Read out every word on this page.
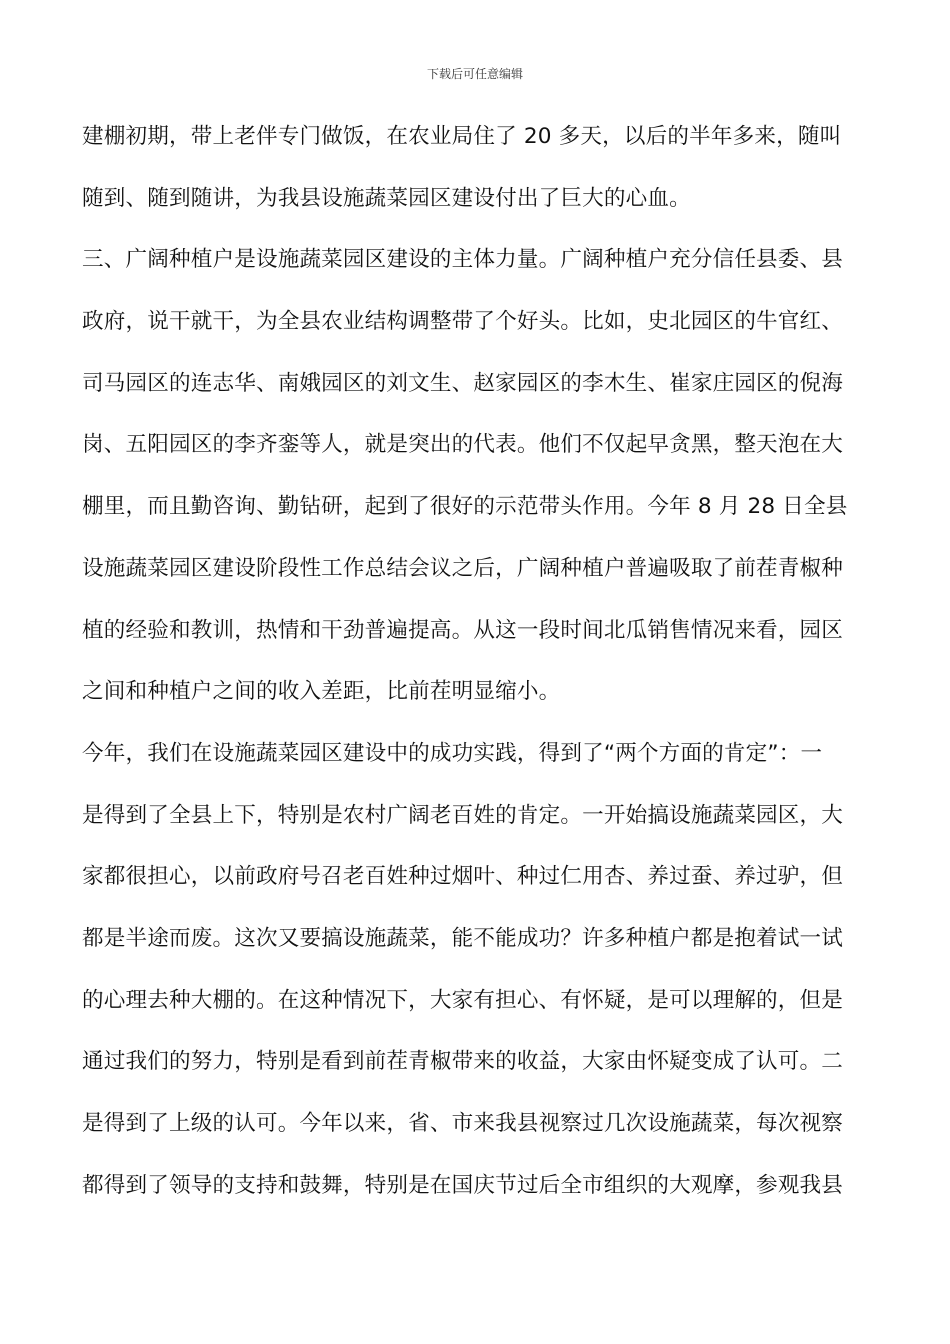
下载后可任意编辑
建棚初期，带上老伴专门做饭，在农业局住了 20 多天，以后的半年多来，随叫
随到、随到随讲，为我县设施蔬菜园区建设付出了巨大的心血。
三、广阔种植户是设施蔬菜园区建设的主体力量。广阔种植户充分信任县委、县
政府，说干就干，为全县农业结构调整带了个好头。比如，史北园区的牛官红、
司马园区的连志华、南娥园区的刘文生、赵家园区的李木生、崔家庄园区的倪海
岗、五阳园区的李齐銮等人，就是突出的代表。他们不仅起早贪黑，整天泡在大
棚里，而且勤咨询、勤钻研，起到了很好的示范带头作用。今年 8 月 28 日全县
设施蔬菜园区建设阶段性工作总结会议之后，广阔种植户普遍吸取了前茬青椒种
植的经验和教训，热情和干劲普遍提高。从这一段时间北瓜销售情况来看，园区
之间和种植户之间的收入差距，比前茬明显缩小。
今年，我们在设施蔬菜园区建设中的成功实践，得到了“两个方面的肯定”：一
是得到了全县上下，特别是农村广阔老百姓的肯定。一开始搞设施蔬菜园区，大
家都很担心，以前政府号召老百姓种过烟叶、种过仁用杏、养过蚕、养过驴，但
都是半途而废。这次又要搞设施蔬菜，能不能成功？许多种植户都是抱着试一试
的心理去种大棚的。在这种情况下，大家有担心、有怀疑，是可以理解的，但是
通过我们的努力，特别是看到前茬青椒带来的收益，大家由怀疑变成了认可。二
是得到了上级的认可。今年以来，省、市来我县视察过几次设施蔬菜，每次视察
都得到了领导的支持和鼓舞，特别是在国庆节过后全市组织的大观摩，参观我县
